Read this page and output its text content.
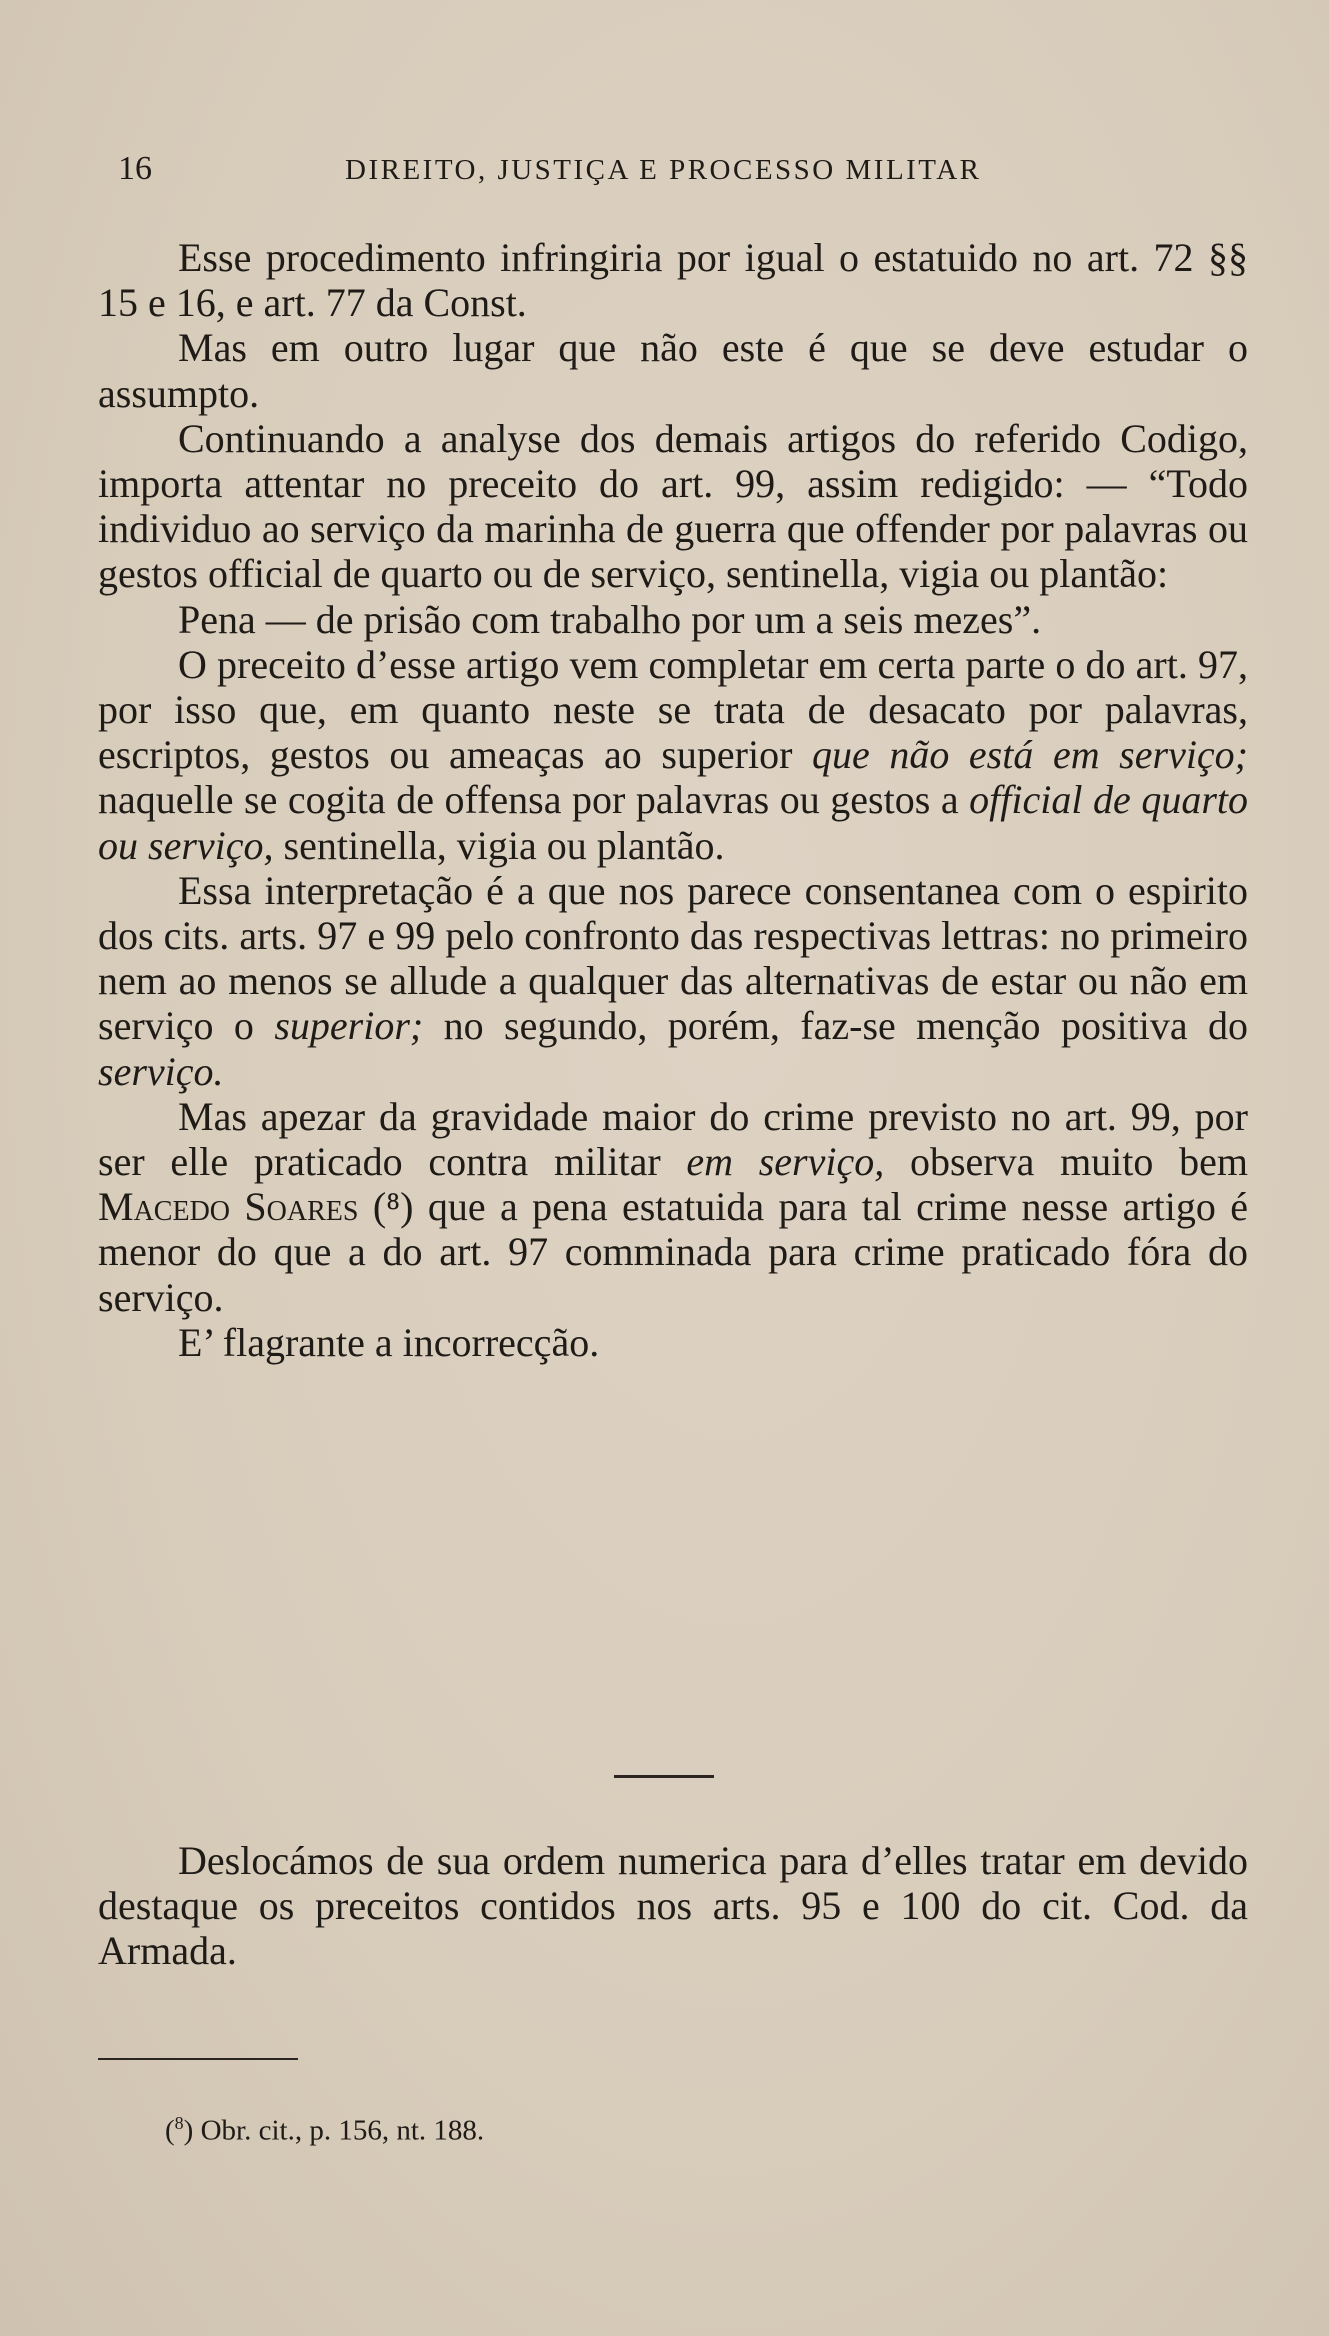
16	DIREITO, JUSTIÇA E PROCESSO MILITAR

Esse procedimento infringiria por igual o estatuido no art. 72 §§ 15 e 16, e art. 77 da Const.

Mas em outro lugar que não este é que se deve estudar o assumpto.

Continuando a analyse dos demais artigos do referido Codigo, importa attentar no preceito do art. 99, assim redigido: — “Todo individuo ao serviço da marinha de guerra que offender por palavras ou gestos official de quarto ou de serviço, sentinella, vigia ou plantão:

Pena — de prisão com trabalho por um a seis mezes”.

O preceito d’esse artigo vem completar em certa parte o do art. 97, por isso que, em quanto neste se trata de desacato por palavras, escriptos, gestos ou ameaças ao superior que não está em serviço; naquelle se cogita de offensa por palavras ou gestos a official de quarto ou serviço, sentinella, vigia ou plantão.

Essa interpretação é a que nos parece consentanea com o espirito dos cits. arts. 97 e 99 pelo confronto das respectivas lettras: no primeiro nem ao menos se allude a qualquer das alternativas de estar ou não em serviço o superior; no segundo, porém, faz-se menção positiva do serviço.

Mas apezar da gravidade maior do crime previsto no art. 99, por ser elle praticado contra militar em serviço, observa muito bem Macedo Soares (⁸) que a pena estatuida para tal crime nesse artigo é menor do que a do art. 97 comminada para crime praticado fóra do serviço.

E’ flagrante a incorrecção.

Deslocámos de sua ordem numerica para d’elles tratar em devido destaque os preceitos contidos nos arts. 95 e 100 do cit. Cod. da Armada.

($^8$) Obr. cit., p. 156, nt. 188.
